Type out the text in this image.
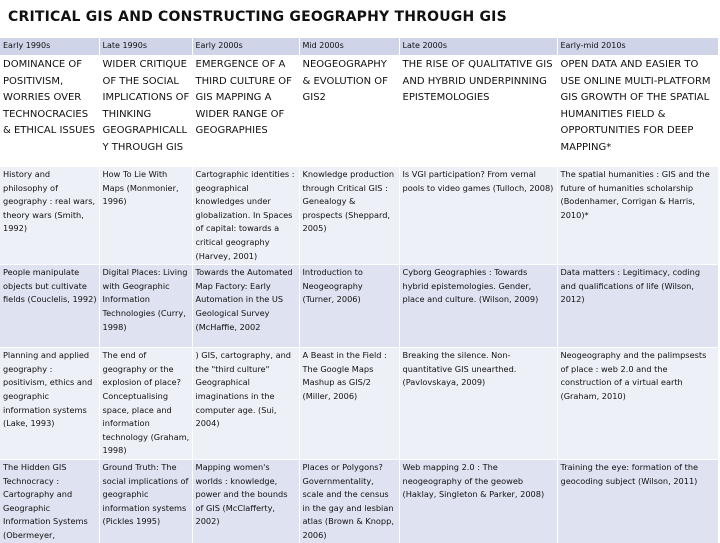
CRITICAL GIS AND CONSTRUCTING GEOGRAPHY THROUGH GIS
Early 1990s	Late 1990s	Early 2000s	Mid 2000s	Late 2000s	Early-mid 2010s
DOMINANCE OF POSITIVISM, WORRIES OVER TECHNOCRACIES & ETHICAL ISSUES	WIDER CRITIQUE OF THE SOCIAL IMPLICATIONS OF THINKING GEOGRAPHICALLY THROUGH GIS	EMERGENCE OF A THIRD CULTURE OF GIS MAPPING A WIDER RANGE OF GEOGRAPHIES	NEOGEOGRAPHY & EVOLUTION OF GIS2	THE RISE OF QUALITATIVE GIS AND HYBRID UNDERPINNING EPISTEMOLOGIES	OPEN DATA AND EASIER TO USE ONLINE MULTI-PLATFORM GIS GROWTH OF THE SPATIAL HUMANITIES FIELD & OPPORTUNITIES FOR DEEP MAPPING*
History and philosophy of geography : real wars, theory wars (Smith, 1992)	How To Lie With Maps (Monmonier, 1996)	Cartographic identities : geographical knowledges under globalization. In Spaces of capital: towards a critical geography (Harvey, 2001)	Knowledge production through Critical GIS : Genealogy & prospects (Sheppard, 2005)	Is VGI participation? From vernal pools to video games (Tulloch, 2008)	The spatial humanities : GIS and the future of humanities scholarship (Bodenhamer, Corrigan & Harris, 2010)*
People manipulate objects but cultivate fields (Couclelis, 1992)	Digital Places: Living with Geographic Information Technologies (Curry, 1998)	Towards the Automated Map Factory: Early Automation in the US Geological Survey (McHaffie, 2002	Introduction to Neogeography (Turner, 2006)	Cyborg Geographies : Towards hybrid epistemologies. Gender, place and culture. (Wilson, 2009)	Data matters : Legitimacy, coding and qualifications of life (Wilson, 2012)
Planning and applied geography : positivism, ethics and geographic information systems (Lake, 1993)	The end of geography or the explosion of place? Conceptualising space, place and information technology (Graham, 1998)	) GIS, cartography, and the "third culture" Geographical imaginations in the computer age. (Sui, 2004)	A Beast in the Field : The Google Maps Mashup as GIS/2 (Miller, 2006)	Breaking the silence. Non-quantitative GIS unearthed. (Pavlovskaya, 2009)	Neogeography and the palimpsests of place : web 2.0 and the construction of a virtual earth (Graham, 2010)
The Hidden GIS Technocracy : Cartography and Geographic Information Systems (Obermeyer,	Ground Truth: The social implications of geographic information systems (Pickles 1995)	Mapping women's worlds : knowledge, power and the bounds of GIS (McClafferty, 2002)	Places or Polygons? Governmentality, scale and the census in the gay and lesbian atlas (Brown & Knopp, 2006)	Web mapping 2.0 : The neogeography of the geoweb (Haklay, Singleton & Parker, 2008)	Training the eye: formation of the geocoding subject (Wilson, 2011)
